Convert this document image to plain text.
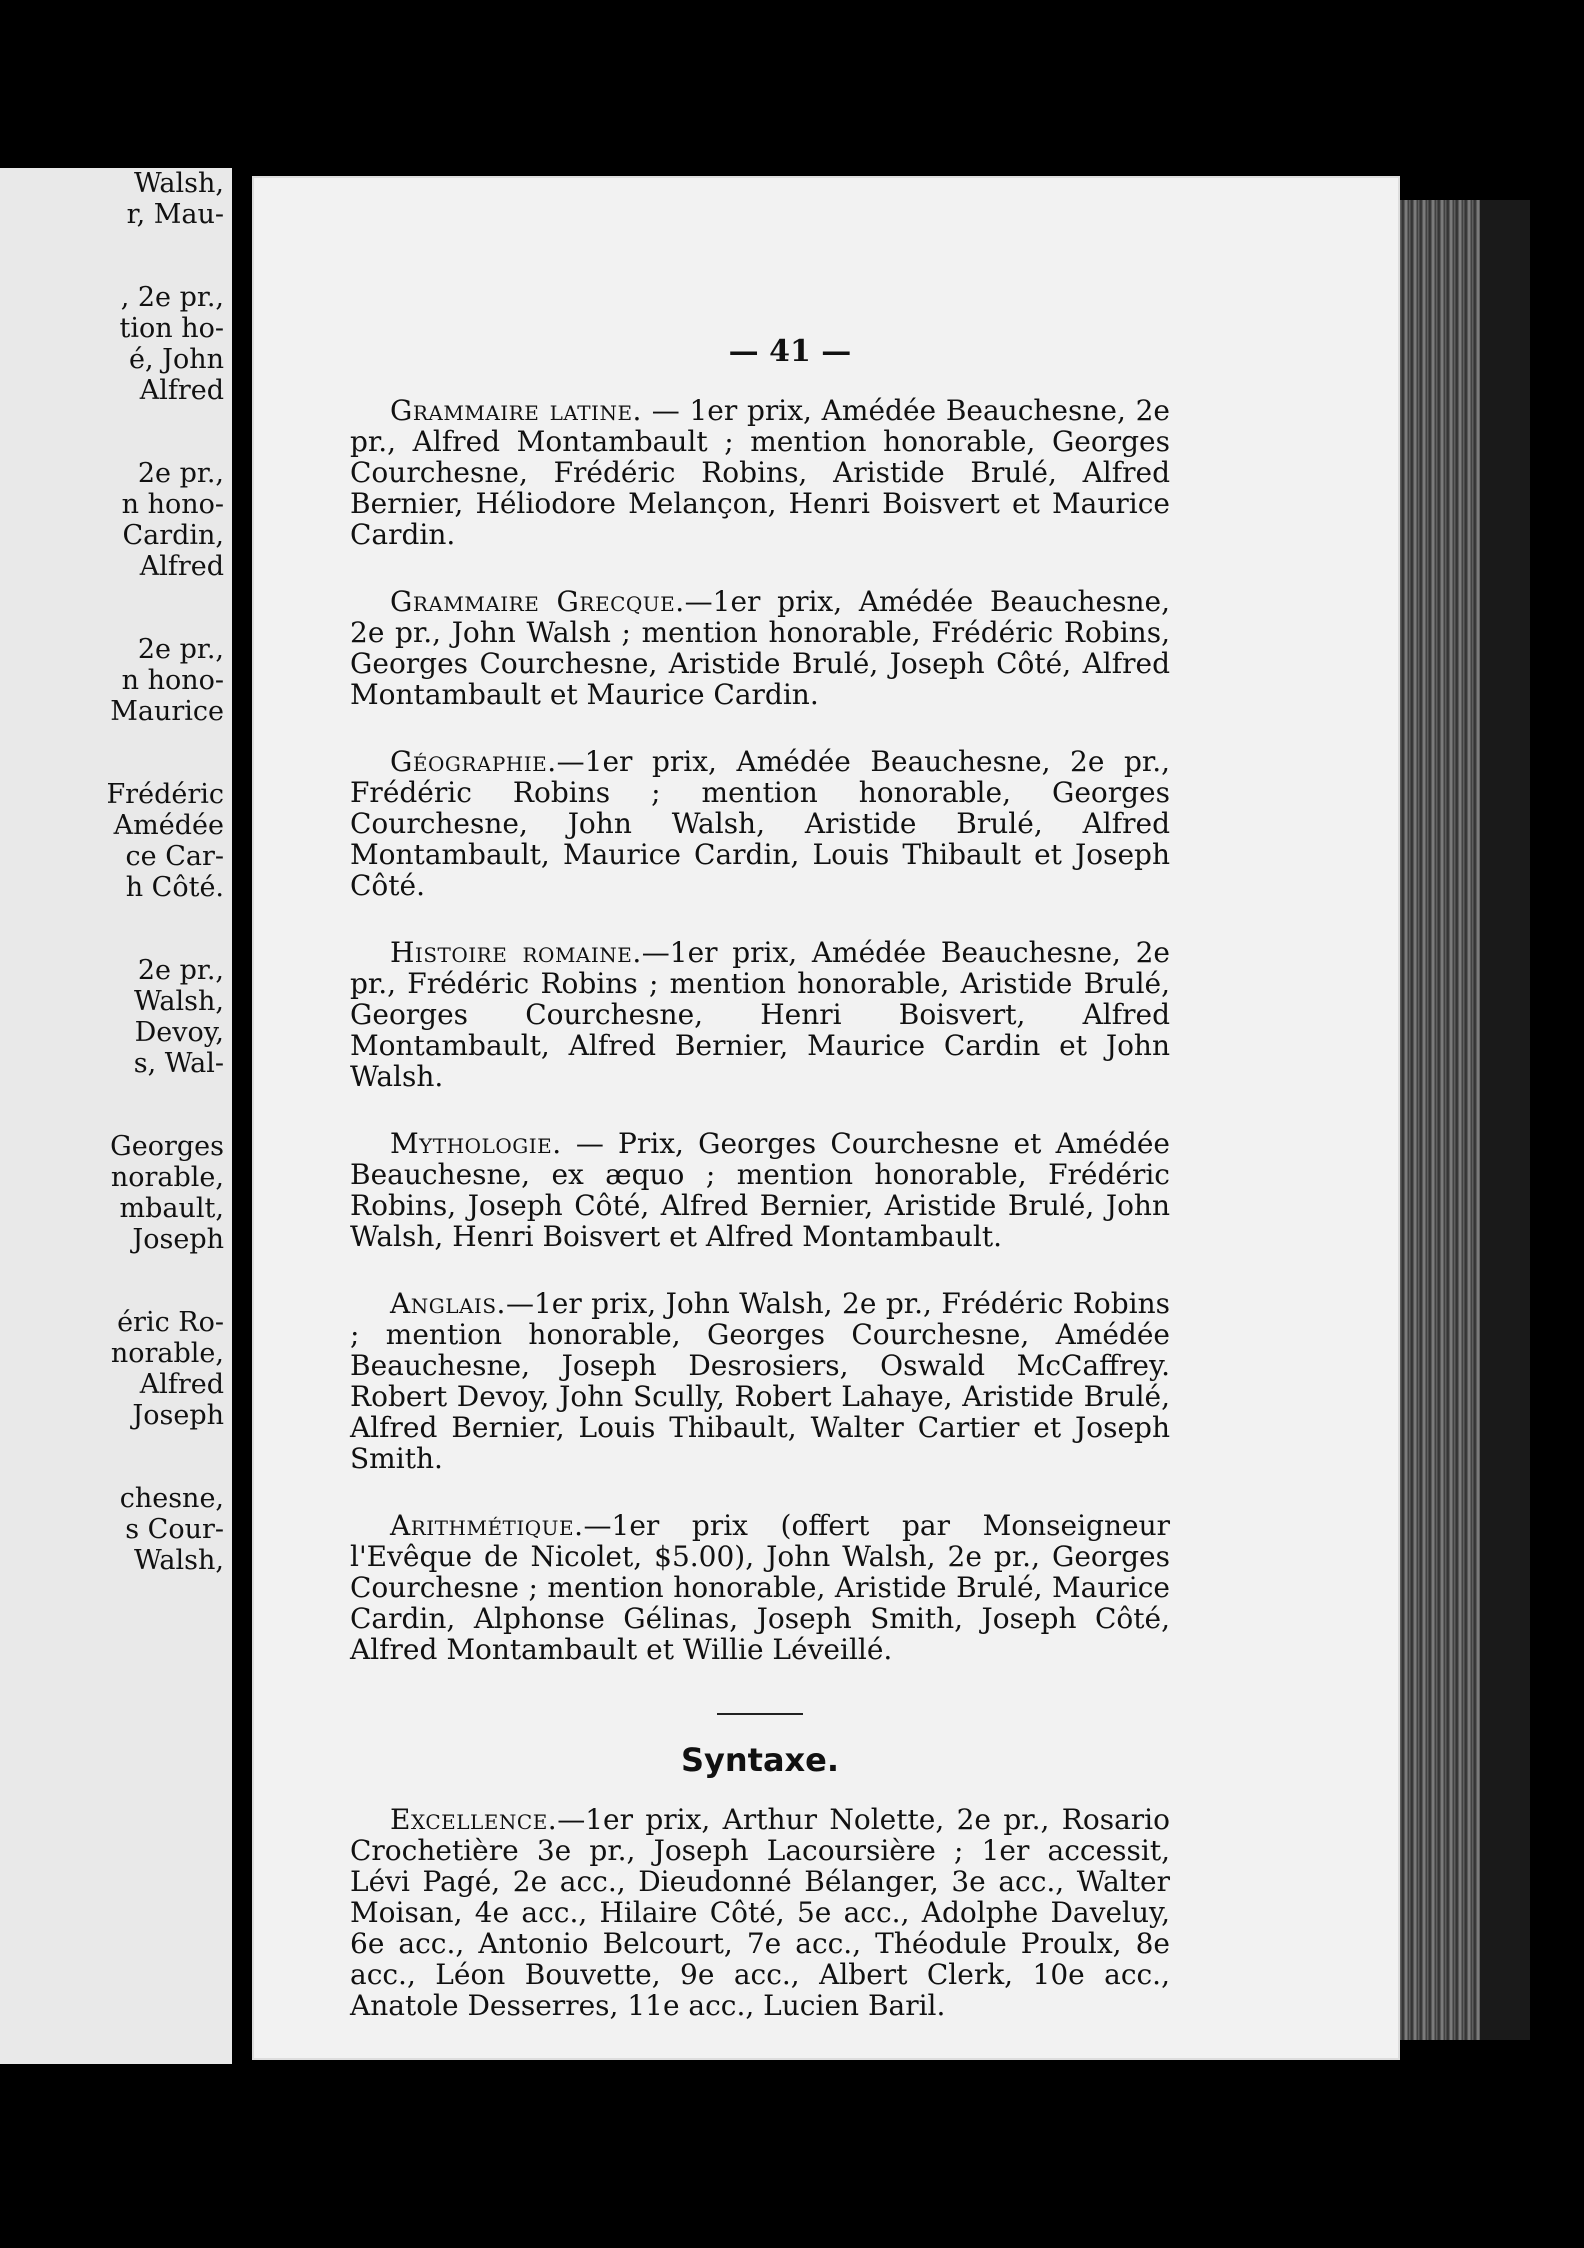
Walsh,
r, Mau-
, 2e pr.,
tion ho-
é, John
Alfred
2e pr.,
n hono-
Cardin,
Alfred
2e pr.,
n hono-
Maurice
Frédéric
Amédée
ce Car-
h Côté.
2e pr.,
Walsh,
Devoy,
s, Wal-
Georges
norable,
mbault,
Joseph
éric Ro-
norable,
Alfred
Joseph
chesne,
s Cour-
Walsh,
— 41 —

Grammaire latine. — 1er prix, Amédée Beauchesne, 2e pr., Alfred Montambault ; mention honorable, Georges Courchesne, Frédéric Robins, Aristide Brulé, Alfred Bernier, Héliodore Melançon, Henri Boisvert et Maurice Cardin.

Grammaire Grecque.—1er prix, Amédée Beauchesne, 2e pr., John Walsh ; mention honorable, Frédéric Robins, Georges Courchesne, Aristide Brulé, Joseph Côté, Alfred Montambault et Maurice Cardin.

Géographie.—1er prix, Amédée Beauchesne, 2e pr., Frédéric Robins ; mention honorable, Georges Courchesne, John Walsh, Aristide Brulé, Alfred Montambault, Maurice Cardin, Louis Thibault et Joseph Côté.

Histoire romaine.—1er prix, Amédée Beauchesne, 2e pr., Frédéric Robins ; mention honorable, Aristide Brulé, Georges Courchesne, Henri Boisvert, Alfred Montambault, Alfred Bernier, Maurice Cardin et John Walsh.

Mythologie. — Prix, Georges Courchesne et Amédée Beauchesne, ex æquo ; mention honorable, Frédéric Robins, Joseph Côté, Alfred Bernier, Aristide Brulé, John Walsh, Henri Boisvert et Alfred Montambault.

Anglais.—1er prix, John Walsh, 2e pr., Frédéric Robins ; mention honorable, Georges Courchesne, Amédée Beauchesne, Joseph Desrosiers, Oswald McCaffrey. Robert Devoy, John Scully, Robert Lahaye, Aristide Brulé, Alfred Bernier, Louis Thibault, Walter Cartier et Joseph Smith.

Arithmétique.—1er prix (offert par Monseigneur l'Evêque de Nicolet, $5.00), John Walsh, 2e pr., Georges Courchesne ; mention honorable, Aristide Brulé, Maurice Cardin, Alphonse Gélinas, Joseph Smith, Joseph Côté, Alfred Montambault et Willie Léveillé.

Syntaxe.

Excellence.—1er prix, Arthur Nolette, 2e pr., Rosario Crochetière 3e pr., Joseph Lacoursière ; 1er accessit, Lévi Pagé, 2e acc., Dieudonné Bélanger, 3e acc., Walter Moisan, 4e acc., Hilaire Côté, 5e acc., Adolphe Daveluy, 6e acc., Antonio Belcourt, 7e acc., Théodule Proulx, 8e acc., Léon Bouvette, 9e acc., Albert Clerk, 10e acc., Anatole Desserres, 11e acc., Lucien Baril.
